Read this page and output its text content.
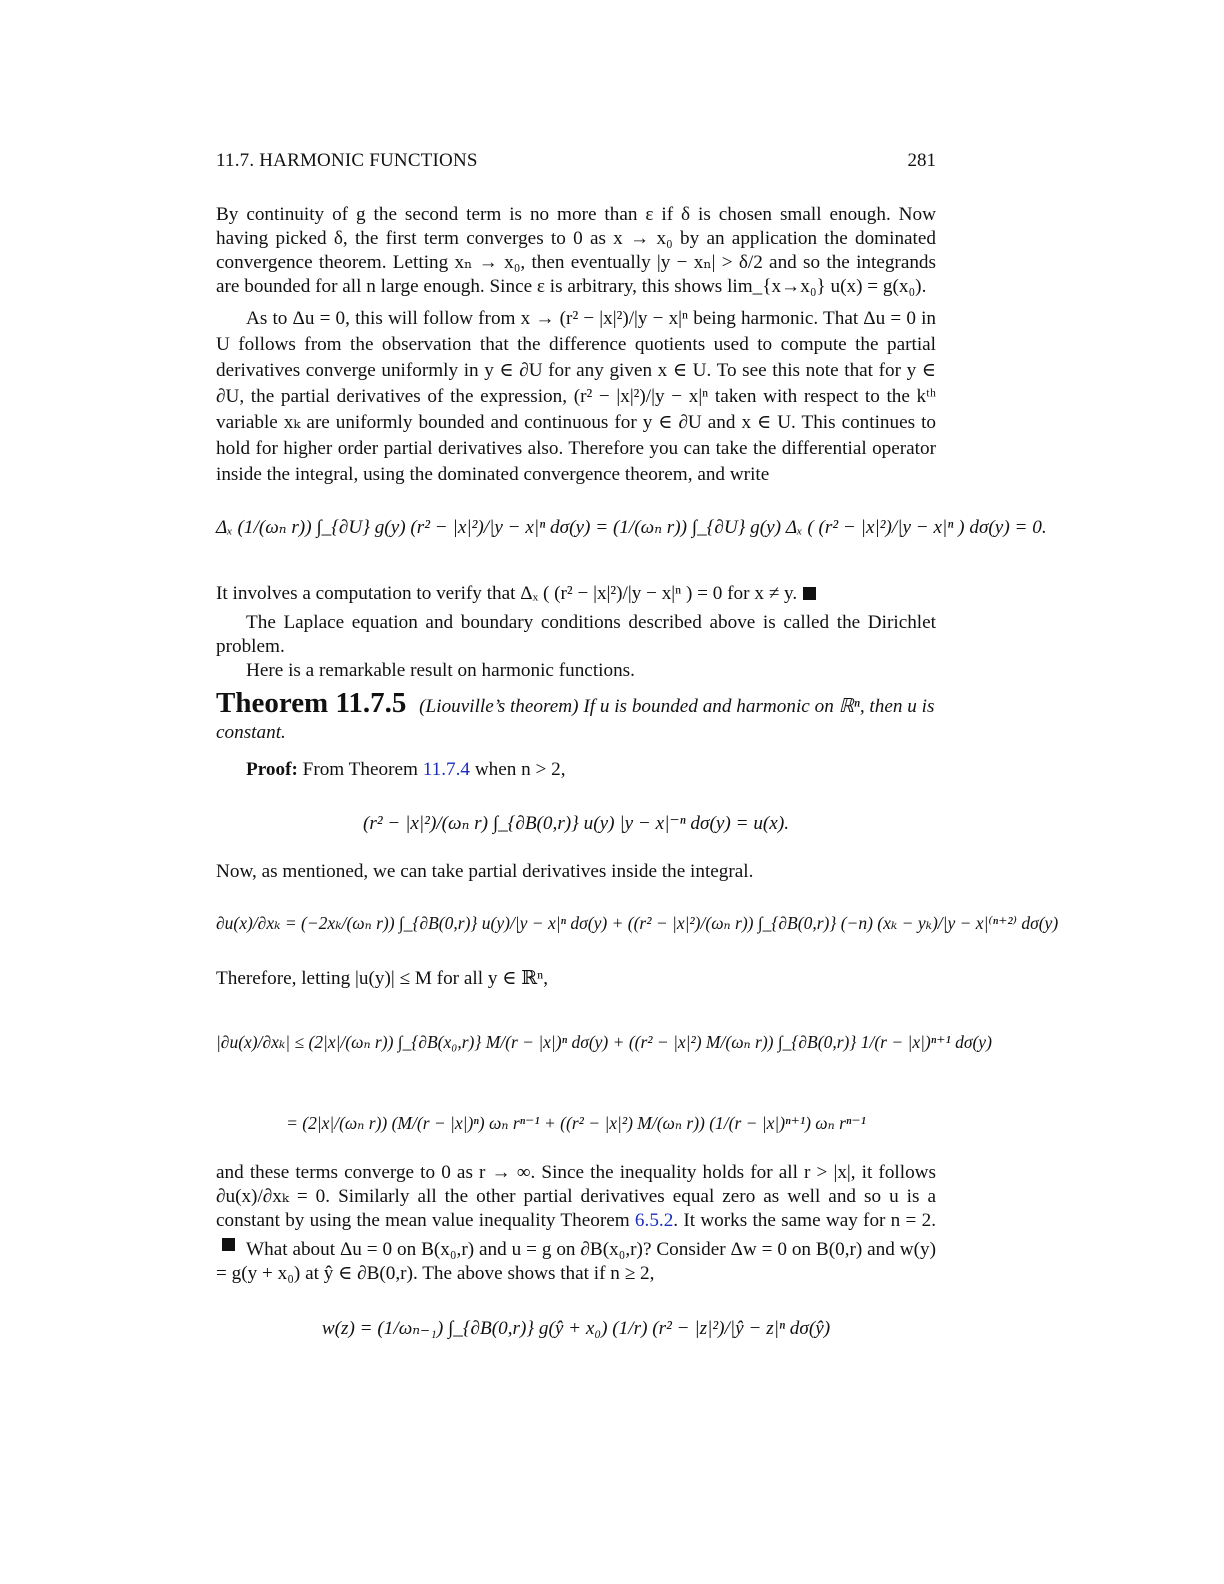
11.7. HARMONIC FUNCTIONS	281

By continuity of g the second term is no more than ε if δ is chosen small enough. Now having picked δ, the first term converges to 0 as x → x₀ by an application the dominated convergence theorem. Letting xₙ → x₀, then eventually |y − xₙ| > δ/2 and so the integrands are bounded for all n large enough. Since ε is arbitrary, this shows lim_{x→x₀} u(x) = g(x₀).

As to Δu = 0, this will follow from x → (r² − |x|²)/|y − x|ⁿ being harmonic. That Δu = 0 in U follows from the observation that the difference quotients used to compute the partial derivatives converge uniformly in y ∈ ∂U for any given x ∈ U. To see this note that for y ∈ ∂U, the partial derivatives of the expression, (r² − |x|²)/|y − x|ⁿ taken with respect to the kᵗʰ variable xₖ are uniformly bounded and continuous for y ∈ ∂U and x ∈ U. This continues to hold for higher order partial derivatives also. Therefore you can take the differential operator inside the integral, using the dominated convergence theorem, and write

Δₓ (1/(ωₙ r)) ∫_{∂U} g(y) (r² − |x|²)/|y − x|ⁿ dσ(y) = (1/(ωₙ r)) ∫_{∂U} g(y) Δₓ ( (r² − |x|²)/|y − x|ⁿ ) dσ(y) = 0.
It involves a computation to verify that Δₓ ( (r² − |x|²)/|y − x|ⁿ ) = 0 for x ≠ y.

The Laplace equation and boundary conditions described above is called the Dirichlet problem.

Here is a remarkable result on harmonic functions.

Theorem 11.7.5 (Liouville’s theorem) If u is bounded and harmonic on ℝⁿ, then u is constant.
Proof: From Theorem 11.7.4 when n > 2,
(r² − |x|²)/(ωₙ r) ∫_{∂B(0,r)} u(y) |y − x|⁻ⁿ dσ(y) = u(x).

Now, as mentioned, we can take partial derivatives inside the integral.

∂u(x)/∂xₖ = (−2xₖ/(ωₙ r)) ∫_{∂B(0,r)} u(y)/|y − x|ⁿ dσ(y) + ((r² − |x|²)/(ωₙ r)) ∫_{∂B(0,r)} (−n) (xₖ − yₖ)/|y − x|⁽ⁿ⁺²⁾ dσ(y)

Therefore, letting |u(y)| ≤ M for all y ∈ ℝⁿ,

|∂u(x)/∂xₖ| ≤ (2|x|/(ωₙ r)) ∫_{∂B(x₀,r)} M/(r − |x|)ⁿ dσ(y) + ((r² − |x|²) M/(ωₙ r)) ∫_{∂B(0,r)} 1/(r − |x|)ⁿ⁺¹ dσ(y)
= (2|x|/(ωₙ r)) (M/(r − |x|)ⁿ) ωₙ rⁿ⁻¹ + ((r² − |x|²) M/(ωₙ r)) (1/(r − |x|)ⁿ⁺¹) ωₙ rⁿ⁻¹
and these terms converge to 0 as r → ∞. Since the inequality holds for all r > |x|, it follows ∂u(x)/∂xₖ = 0. Similarly all the other partial derivatives equal zero as well and so u is a constant by using the mean value inequality Theorem 6.5.2. It works the same way for n = 2.

What about Δu = 0 on B(x₀,r) and u = g on ∂B(x₀,r)? Consider Δw = 0 on B(0,r) and w(y) = g(y + x₀) at ŷ ∈ ∂B(0,r). The above shows that if n ≥ 2,

w(z) = (1/ωₙ₋₁) ∫_{∂B(0,r)} g(ŷ + x₀) (1/r) (r² − |z|²)/|ŷ − z|ⁿ dσ(ŷ)
